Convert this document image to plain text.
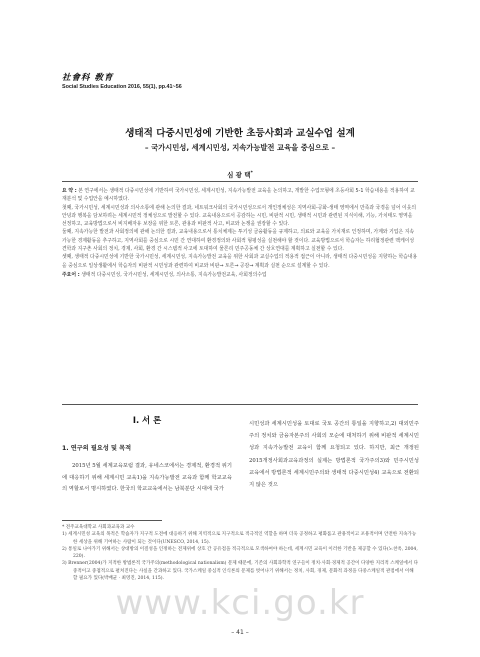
社會科 敎育
Social Studies Education 2016, 55(1), pp.41~56
생태적 다중시민성에 기반한 초등사회과 교실수업 설계
– 국가시민성, 세계시민성, 지속가능발전 교육을 중심으로 –
심 광 택*

요 약 : 본 연구에서는 생태적 다중시민성에 기반하여 국가시민성, 세계시민성, 지속가능발전 교육을 논의하고, 개발한 수업모형에 초등사회 5-1 학습내용을 적용하여 교재분석 및 수업안을 예시하였다.

첫째, 국가시민성, 세계시민성과 의사소통에 관해 논의한 결과, 네트워크사회의 국가시민성으로서 개인정체성은 지역사회-공화-생태 영역에서 만족과 국경을 넘어 이웃의 안녕과 행복을 담보하려는 세계시민적 정체성으로 발전할 수 있다. 교육내용으로서 공감하는 시민, 비판적 시민, 생태적 시민과 관련된 지식이해, 기능, 가치태도 영역을 선정하고, 교육방법으로서 비지배자유 보장을 위한 토론, 관용과 비판적 사고, 비교와 논쟁을 권장할 수 있다.

둘째, 지속가능한 발전과 사회정의에 관해 논의한 결과, 교육내용으로서 통치체제는 투기성 금융활동을 규제하고, 의료와 교육을 가치재로 인정하며, 가계와 기업은 지속가능한 경제활동을 추구하고, 지역사회를 중심으로 시민 간 연대하여 환경정의와 사회적 형평성을 실천해야 할 것이다. 교육방법으로서 학습자는 하리협정관련 맥케이성 견학과 지구촌 사회의 정치, 경제, 사회, 환경 간 시스템적 사고에 토대하여 물론리 민주공동체 간 상호연대를 계획하고 실천할 수 있다.

셋째, 생태적 다중시민성에 기반한 국가시민성, 세계시민성, 지속가능발전 교육을 위한 사회과 교실수업의 적용적 접근이 아니라, 생태적 다중시민성을 지향하는 학습내용을 중심으로 일상생활에서 학습자의 비판적 시민성과 관련하여 비교와 비판→ 토론→ 공감→ 계획과 실천 순으로 설계할 수 있다.

주요어 : 생태적 다중시민성, 국가시민성, 세계시민성, 의사소통, 지속가능발전교육, 사회정의수업

Ⅰ. 서 론
1. 연구의 필요성 및 목적

2015년 5월 세계교육포럼 결과, 유네스코에서는 경제적, 환경적 위기에 대응하기 위해 세계시민 교육1)을 지속가능발전 교육과 함께 학교교육의 역할로서 명시하였다. 한국의 학교교육에서는 남북분단 시대에 국가

시민성과 세계시민성을 토대로 국토 공간의 통일을 지향하고,2) 대외민주주의 정치와 금융자본주의 사회의 모순에 대처하기 위해 비판적 세계시민성과 지속가능발전 교육이 함께 요청되고 있다. 하지만, 최근 개정된 2015개정사회과교육과정의 실제는 방법론적 국가주의3)와 민주시민성 교육에서 방법론적 세계시민주의와 생태적 다중시민성4) 교육으로 전환되지 않은 것으

* 전주교육대학교 사회과교육과 교수

1) 세계시민성 교육의 목적은 학습자가 지구적 도전에 대응하기 위해 지역적으로 지구적으로 적극적인 역할을 하며 더욱 공정하고 평화롭고 관용적이고 포용적이며 안전한 지속가능한 세상을 위해 기여하는 사람이 되는 것이다(UNESCO, 2014, 15).

2) 통일로 나아가기 위해서는 상대방의 이질성을 인정하는 전제위에 상호 간 공유점을 적극적으로 모색하여야 하는데, 세계시민 교육이 이러한 기반을 제공할 수 있다(노찬옥, 2004, 220).

3) Brenner(2004)가 지적한 방법론적 국가주의(methodological nationalism) 문제 때문에, 기존의 사회과학적 연구들이 정치·사회·경제적 공간이 다양한 지리적 스케일에서 다중적이고 중첩적으로 펼쳐진다는 사실을 간과하고 있다. 국가스케일 중심적 인식론의 문제를 벗어나기 위해서는 정치, 사회, 경제, 문화적 과정을 다중스케일적 관점에서 이해할 필요가 있다(박배균 · 최영진, 2014, 115).

www.kci.go.kr
– 41 –
